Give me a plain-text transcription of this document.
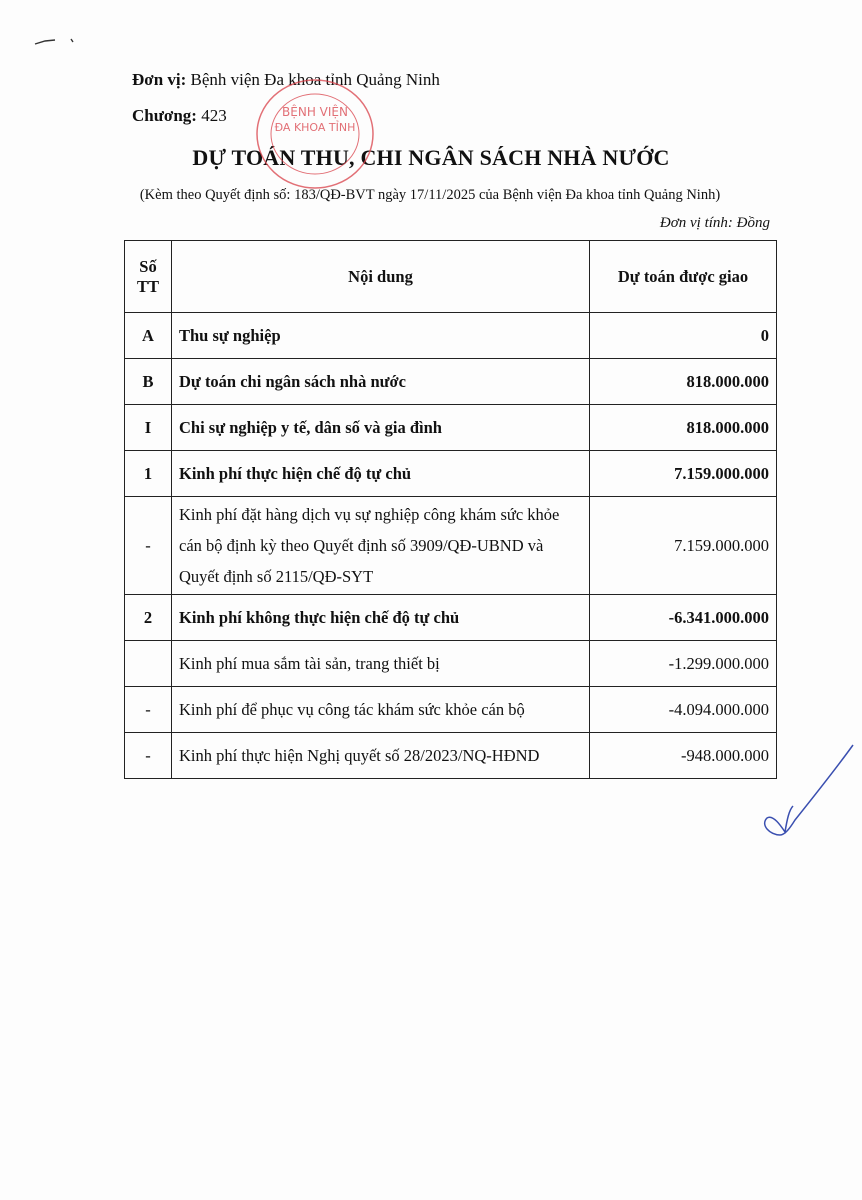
Đơn vị: Bệnh viện Đa khoa tỉnh Quảng Ninh
Chương: 423
DỰ TOÁN THU, CHI NGÂN SÁCH NHÀ NƯỚC
(Kèm theo Quyết định số: 183/QĐ-BVT ngày 17/11/2025 của Bệnh viện Đa khoa tỉnh Quảng Ninh)
Đơn vị tính: Đồng
Số TT	Nội dung	Dự toán được giao
A	Thu sự nghiệp	0
B	Dự toán chi ngân sách nhà nước	818.000.000
I	Chi sự nghiệp y tế, dân số và gia đình	818.000.000
1	Kinh phí thực hiện chế độ tự chủ	7.159.000.000
-	Kinh phí đặt hàng dịch vụ sự nghiệp công khám sức khỏe cán bộ định kỳ theo Quyết định số 3909/QĐ-UBND và Quyết định số 2115/QĐ-SYT	7.159.000.000
2	Kinh phí không thực hiện chế độ tự chủ	-6.341.000.000
	Kinh phí mua sắm tài sản, trang thiết bị	-1.299.000.000
-	Kinh phí để phục vụ công tác khám sức khỏe cán bộ	-4.094.000.000
-	Kinh phí thực hiện Nghị quyết số 28/2023/NQ-HĐND	-948.000.000
BỆNH VIỆN
ĐA KHOA TỈNH
